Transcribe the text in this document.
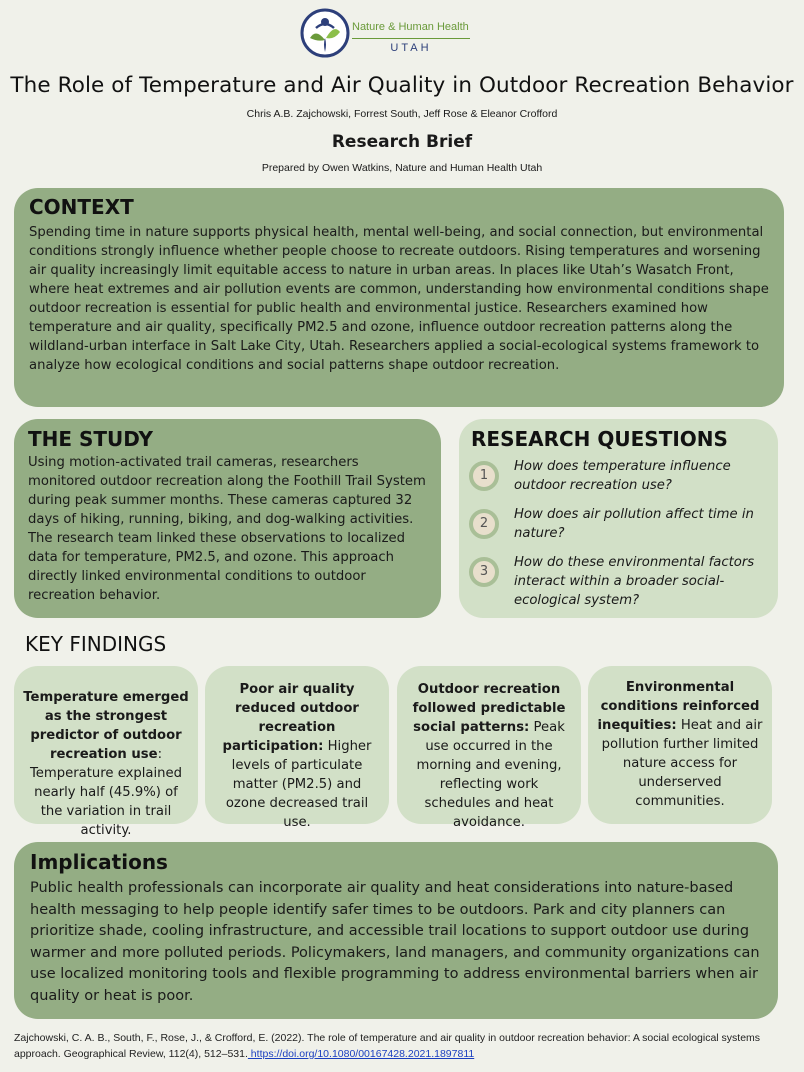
Nature & Human Health
UTAH
The Role of Temperature and Air Quality in Outdoor Recreation Behavior
Chris A.B. Zajchowski, Forrest South, Jeff Rose & Eleanor Crofford
Research Brief
Prepared by Owen Watkins, Nature and Human Health Utah
CONTEXT

Spending time in nature supports physical health, mental well-being, and social connection, but environmental conditions strongly influence whether people choose to recreate outdoors. Rising temperatures and worsening air quality increasingly limit equitable access to nature in urban areas. In places like Utah’s Wasatch Front, where heat extremes and air pollution events are common, understanding how environmental conditions shape outdoor recreation is essential for public health and environmental justice. Researchers examined how temperature and air quality, specifically PM2.5 and ozone, influence outdoor recreation patterns along the wildland-urban interface in Salt Lake City, Utah. Researchers applied a social-ecological systems framework to analyze how ecological conditions and social patterns shape outdoor recreation.

THE STUDY

Using motion-activated trail cameras, researchers monitored outdoor recreation along the Foothill Trail System during peak summer months. These cameras captured 32 days of hiking, running, biking, and dog-walking activities. The research team linked these observations to localized data for temperature, PM2.5, and ozone. This approach directly linked environmental conditions to outdoor recreation behavior.

RESEARCH QUESTIONS
1
How does temperature influence outdoor recreation use?
2
How does air pollution affect time in nature?
3
How do these environmental factors interact within a broader social-ecological system?
KEY FINDINGS
Temperature emerged as the strongest predictor of outdoor recreation use: Temperature explained nearly half (45.9%) of the variation in trail activity.
Poor air quality reduced outdoor recreation participation: Higher levels of particulate matter (PM2.5) and ozone decreased trail use.
Outdoor recreation followed predictable social patterns: Peak use occurred in the morning and evening, reflecting work schedules and heat avoidance.
Environmental conditions reinforced inequities: Heat and air pollution further limited nature access for underserved communities.
Implications

Public health professionals can incorporate air quality and heat considerations into nature-based health messaging to help people identify safer times to be outdoors. Park and city planners can prioritize shade, cooling infrastructure, and accessible trail locations to support outdoor use during warmer and more polluted periods. Policymakers, land managers, and community organizations can use localized monitoring tools and flexible programming to address environmental barriers when air quality or heat is poor.

Zajchowski, C. A. B., South, F., Rose, J., & Crofford, E. (2022). The role of temperature and air quality in outdoor recreation behavior: A social ecological systems approach. Geographical Review, 112(4), 512–531. https://doi.org/10.1080/00167428.2021.1897811
